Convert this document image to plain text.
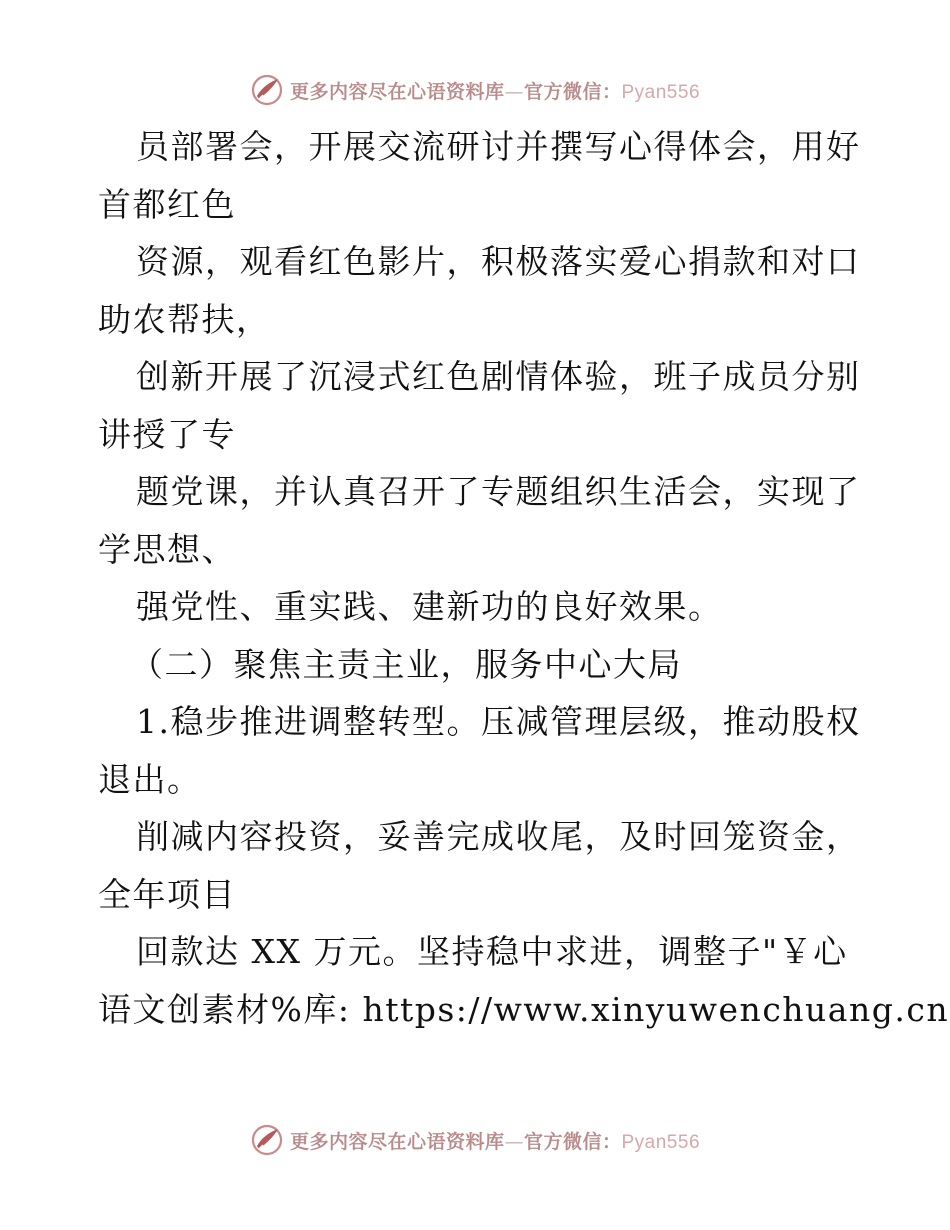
更多内容尽在心语资料库—官方微信：Pyan556
员部署会，开展交流研讨并撰写心得体会，用好
首都红色
资源，观看红色影片，积极落实爱心捐款和对口
助农帮扶，
创新开展了沉浸式红色剧情体验，班子成员分别
讲授了专
题党课，并认真召开了专题组织生活会，实现了
学思想、
强党性、重实践、建新功的良好效果。
（二）聚焦主责主业，服务中心大局
1.稳步推进调整转型。压减管理层级，推动股权
退出。
削减内容投资，妥善完成收尾，及时回笼资金，
全年项目
回款达 XX 万元。坚持稳中求进，调整子"￥心
语文创素材%库: https://www.xinyuwenchuang.cn
更多内容尽在心语资料库—官方微信：Pyan556
